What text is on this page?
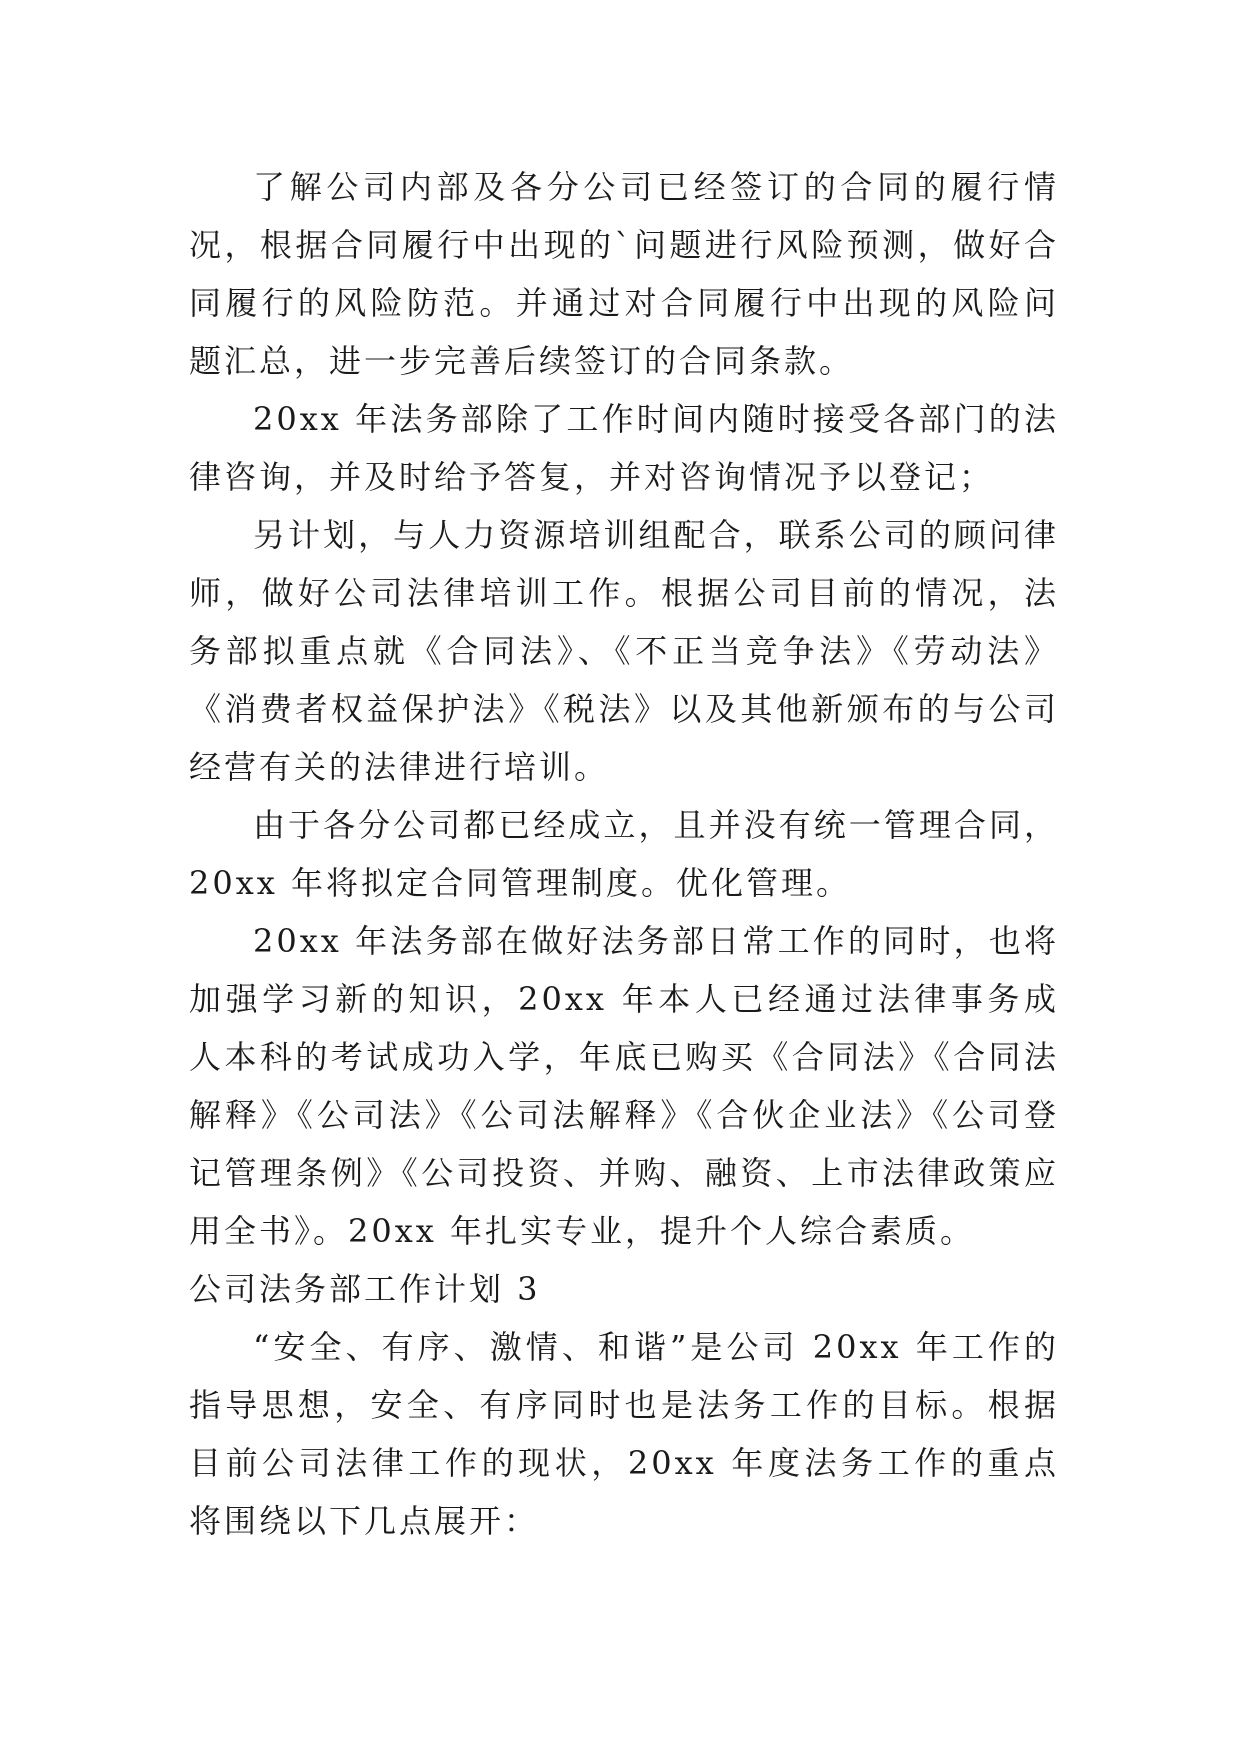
了解公司内部及各分公司已经签订的合同的履行情况，根据合同履行中出现的`问题进行风险预测，做好合同履行的风险防范。并通过对合同履行中出现的风险问题汇总，进一步完善后续签订的合同条款。

20xx 年法务部除了工作时间内随时接受各部门的法律咨询，并及时给予答复，并对咨询情况予以登记；

另计划，与人力资源培训组配合，联系公司的顾问律师，做好公司法律培训工作。根据公司目前的情况，法务部拟重点就《合同法》、《不正当竞争法》《劳动法》《消费者权益保护法》《税法》以及其他新颁布的与公司经营有关的法律进行培训。

由于各分公司都已经成立，且并没有统一管理合同，20xx 年将拟定合同管理制度。优化管理。

20xx 年法务部在做好法务部日常工作的同时，也将加强学习新的知识，20xx 年本人已经通过法律事务成人本科的考试成功入学，年底已购买《合同法》《合同法解释》《公司法》《公司法解释》《合伙企业法》《公司登记管理条例》《公司投资、并购、融资、上市法律政策应用全书》。20xx 年扎实专业，提升个人综合素质。

公司法务部工作计划 3

“安全、有序、激情、和谐”是公司 20xx 年工作的指导思想，安全、有序同时也是法务工作的目标。根据目前公司法律工作的现状，20xx 年度法务工作的重点将围绕以下几点展开：
